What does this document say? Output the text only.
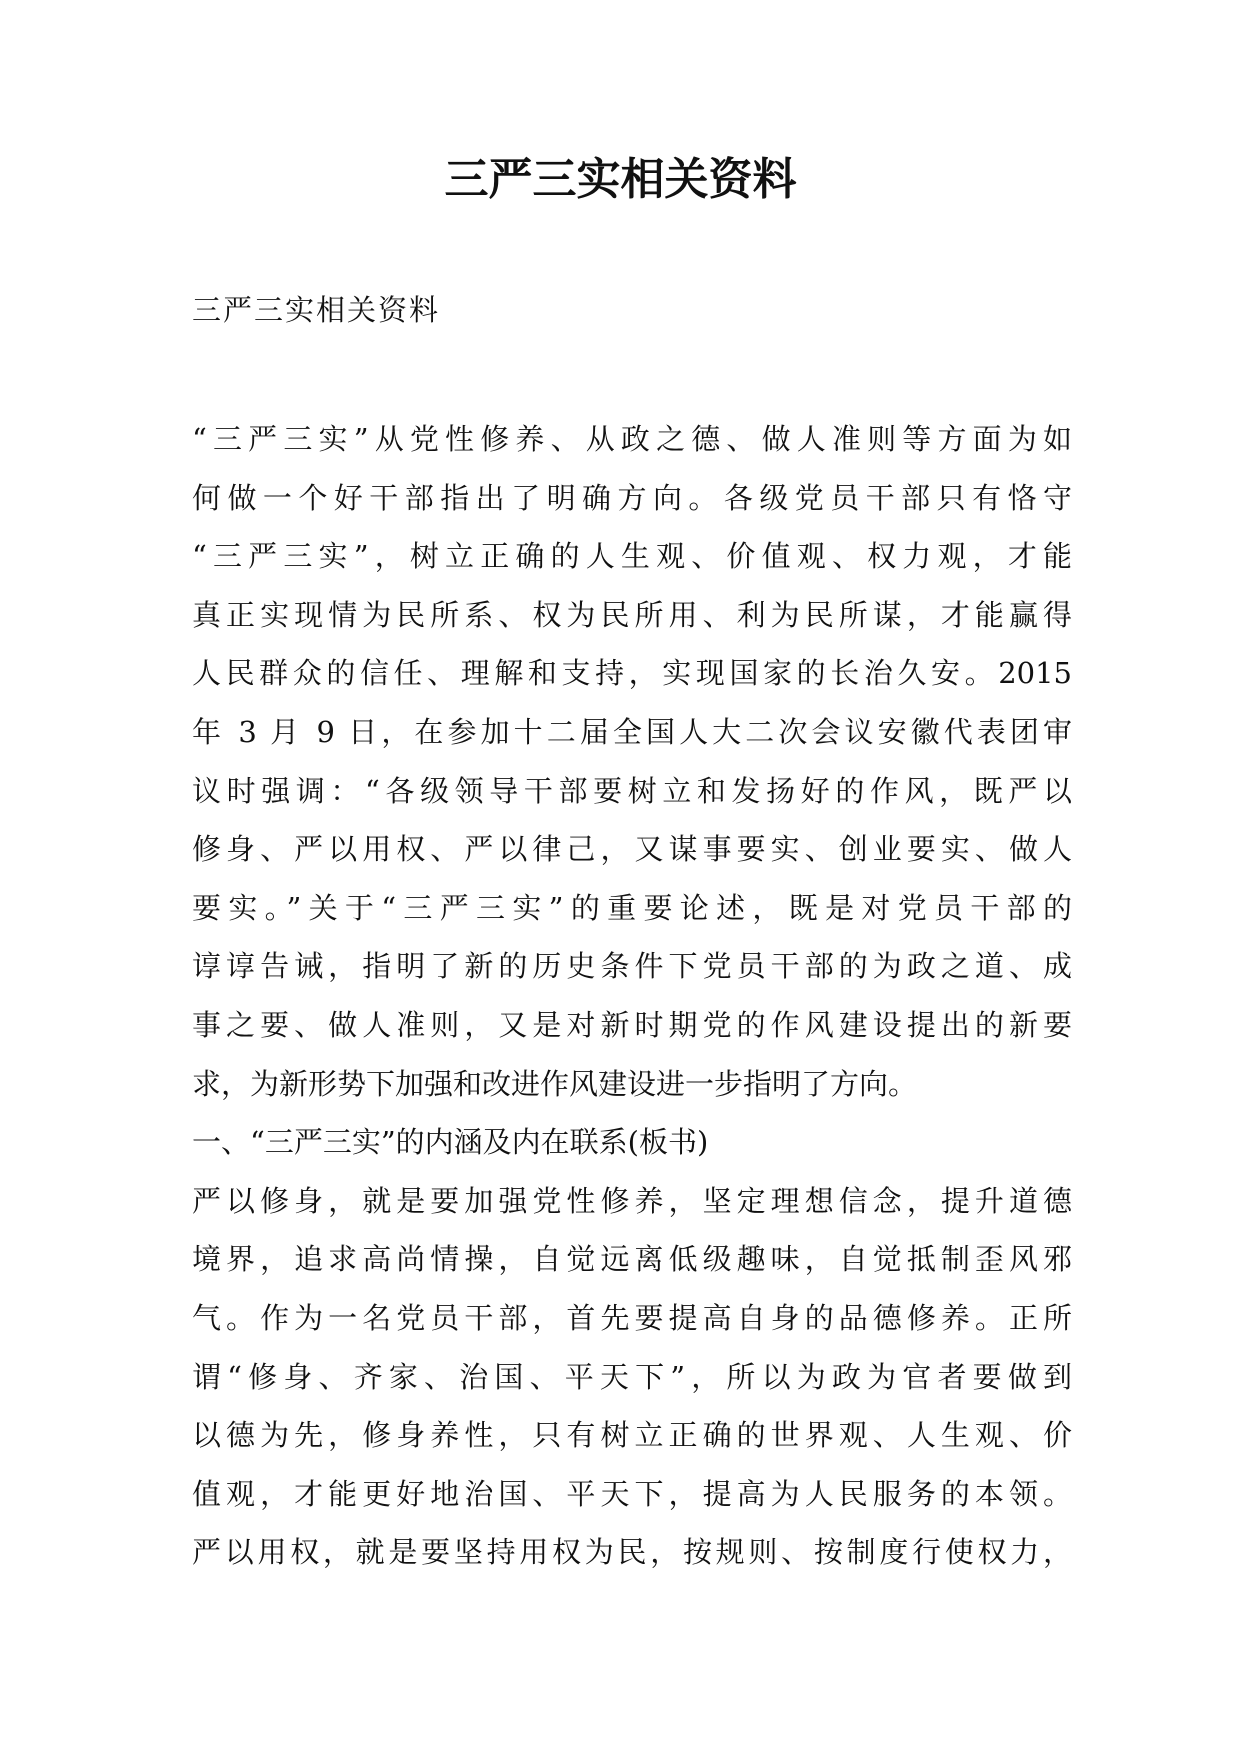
三严三实相关资料

三严三实相关资料

“三严三实”从党性修养、从政之德、做人准则等方面为如
何做一个好干部指出了明确方向。各级党员干部只有恪守
“三严三实”，树立正确的人生观、价值观、权力观，才能
真正实现情为民所系、权为民所用、利为民所谋，才能赢得
人民群众的信任、理解和支持，实现国家的长治久安。2015
年 3 月 9 日，在参加十二届全国人大二次会议安徽代表团审
议时强调：“各级领导干部要树立和发扬好的作风，既严以
修身、严以用权、严以律己，又谋事要实、创业要实、做人
要实。”关于“三严三实”的重要论述，既是对党员干部的
谆谆告诫，指明了新的历史条件下党员干部的为政之道、成
事之要、做人准则，又是对新时期党的作风建设提出的新要
求，为新形势下加强和改进作风建设进一步指明了方向。
一、“三严三实”的内涵及内在联系(板书)
严以修身，就是要加强党性修养，坚定理想信念，提升道德
境界，追求高尚情操，自觉远离低级趣味，自觉抵制歪风邪
气。作为一名党员干部，首先要提高自身的品德修养。正所
谓“修身、齐家、治国、平天下”，所以为政为官者要做到
以德为先，修身养性，只有树立正确的世界观、人生观、价
值观，才能更好地治国、平天下，提高为人民服务的本领。
严以用权，就是要坚持用权为民，按规则、按制度行使权力，
